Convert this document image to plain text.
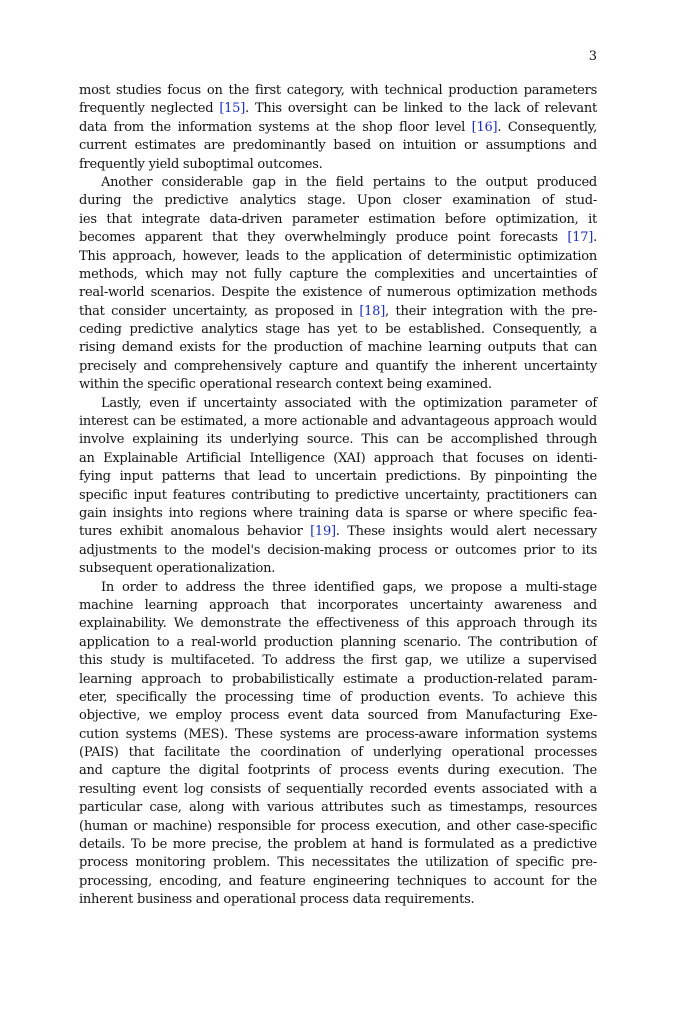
3
most studies focus on the first category, with technical production parameters
frequently neglected [15]. This oversight can be linked to the lack of relevant
data from the information systems at the shop floor level [16]. Consequently,
current estimates are predominantly based on intuition or assumptions and
frequently yield suboptimal outcomes.
Another considerable gap in the field pertains to the output produced
during the predictive analytics stage. Upon closer examination of stud-
ies that integrate data-driven parameter estimation before optimization, it
becomes apparent that they overwhelmingly produce point forecasts [17].
This approach, however, leads to the application of deterministic optimization
methods, which may not fully capture the complexities and uncertainties of
real-world scenarios. Despite the existence of numerous optimization methods
that consider uncertainty, as proposed in [18], their integration with the pre-
ceding predictive analytics stage has yet to be established. Consequently, a
rising demand exists for the production of machine learning outputs that can
precisely and comprehensively capture and quantify the inherent uncertainty
within the specific operational research context being examined.
Lastly, even if uncertainty associated with the optimization parameter of
interest can be estimated, a more actionable and advantageous approach would
involve explaining its underlying source. This can be accomplished through
an Explainable Artificial Intelligence (XAI) approach that focuses on identi-
fying input patterns that lead to uncertain predictions. By pinpointing the
specific input features contributing to predictive uncertainty, practitioners can
gain insights into regions where training data is sparse or where specific fea-
tures exhibit anomalous behavior [19]. These insights would alert necessary
adjustments to the model's decision-making process or outcomes prior to its
subsequent operationalization.
In order to address the three identified gaps, we propose a multi-stage
machine learning approach that incorporates uncertainty awareness and
explainability. We demonstrate the effectiveness of this approach through its
application to a real-world production planning scenario. The contribution of
this study is multifaceted. To address the first gap, we utilize a supervised
learning approach to probabilistically estimate a production-related param-
eter, specifically the processing time of production events. To achieve this
objective, we employ process event data sourced from Manufacturing Exe-
cution systems (MES). These systems are process-aware information systems
(PAIS) that facilitate the coordination of underlying operational processes
and capture the digital footprints of process events during execution. The
resulting event log consists of sequentially recorded events associated with a
particular case, along with various attributes such as timestamps, resources
(human or machine) responsible for process execution, and other case-specific
details. To be more precise, the problem at hand is formulated as a predictive
process monitoring problem. This necessitates the utilization of specific pre-
processing, encoding, and feature engineering techniques to account for the
inherent business and operational process data requirements.
